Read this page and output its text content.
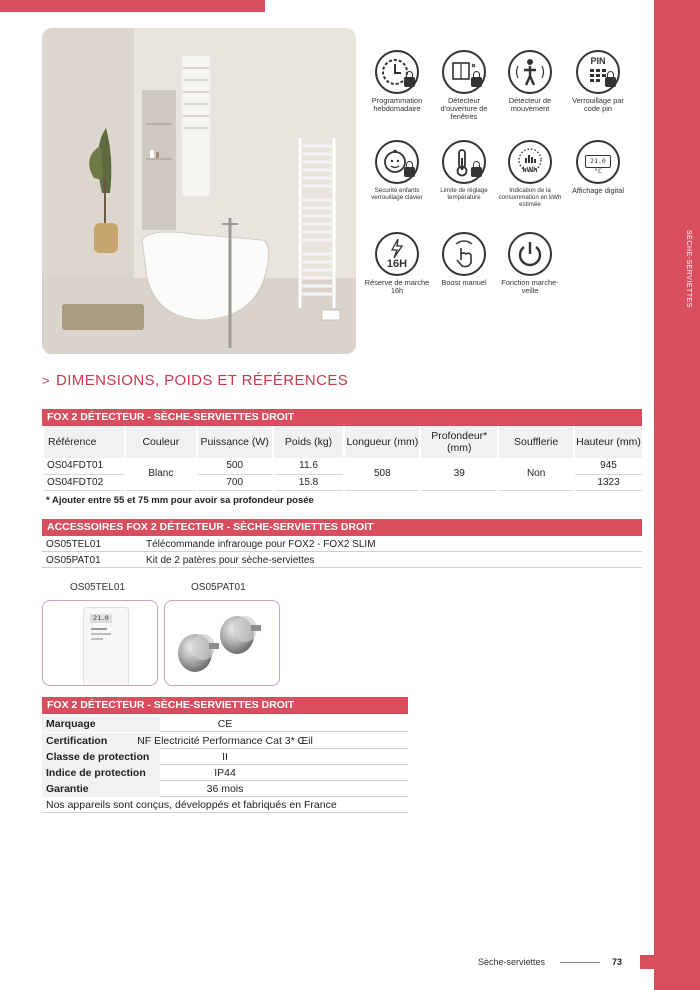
SÈCHE-SERVIETTES
Programmation hebdomadaire
Détecteur d'ouverture de fenêtres
Détecteur de mouvement
PIN
Verrouillage par code pin
Sécurité enfants verrouillage clavier
Limite de réglage température
kWh
Indication de la consommation en kWh estimée
21.0 °C
Affichage digital
16H
Réserve de marche 16h
Boost manuel	Fonction marche-veille
> DIMENSIONS, POIDS ET RÉFÉRENCES
FOX 2 DÉTECTEUR - SÈCHE-SERVIETTES DROIT
Référence	Couleur	Puissance (W)	Poids (kg)	Longueur (mm)	Profondeur* (mm)	Soufflerie	Hauteur (mm)
OS04FDT01	Blanc	500	11.6	508	39	Non	945
OS04FDT02		700	15.8				1323
* Ajouter entre 55 et 75 mm pour avoir sa profondeur posée
ACCESSOIRES FOX 2 DÉTECTEUR - SÈCHE-SERVIETTES DROIT
OS05TEL01	Télécommande infrarouge pour FOX2 - FOX2 SLIM
OS05PAT01	Kit de 2 patères pour sèche-serviettes
OS05TEL01	OS05PAT01
21.0
FOX 2 DÉTECTEUR - SÈCHE-SERVIETTES DROIT
Marquage	CE
Certification	NF Electricité Performance Cat 3* Œil
Classe de protection	II
Indice de protection	IP44
Garantie	36 mois
Nos appareils sont conçus, développés et fabriqués en France
Sèche-serviettes	73
